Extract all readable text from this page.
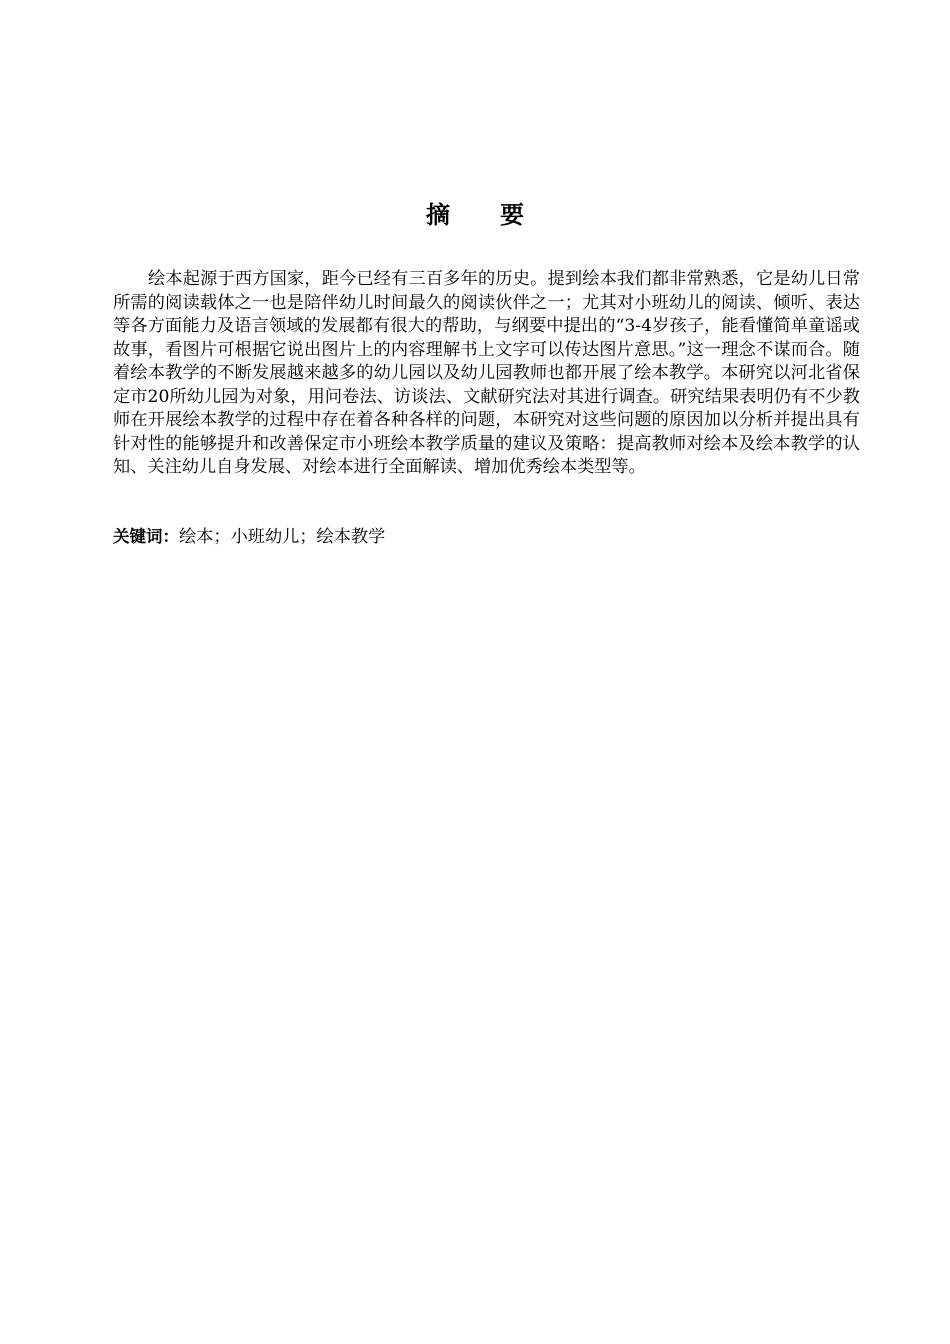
摘 要

绘本起源于西方国家，距今已经有三百多年的历史。提到绘本我们都非常熟悉，它是幼儿日常所需的阅读载体之一也是陪伴幼儿时间最久的阅读伙伴之一；尤其对小班幼儿的阅读、倾听、表达等各方面能力及语言领域的发展都有很大的帮助，与纲要中提出的“3-4岁孩子，能看懂简单童谣或故事，看图片可根据它说出图片上的内容理解书上文字可以传达图片意思。”这一理念不谋而合。随着绘本教学的不断发展越来越多的幼儿园以及幼儿园教师也都开展了绘本教学。本研究以河北省保定市20所幼儿园为对象，用问卷法、访谈法、文献研究法对其进行调查。研究结果表明仍有不少教师在开展绘本教学的过程中存在着各种各样的问题，本研究对这些问题的原因加以分析并提出具有针对性的能够提升和改善保定市小班绘本教学质量的建议及策略：提高教师对绘本及绘本教学的认知、关注幼儿自身发展、对绘本进行全面解读、增加优秀绘本类型等。

关键词：绘本；小班幼儿；绘本教学
